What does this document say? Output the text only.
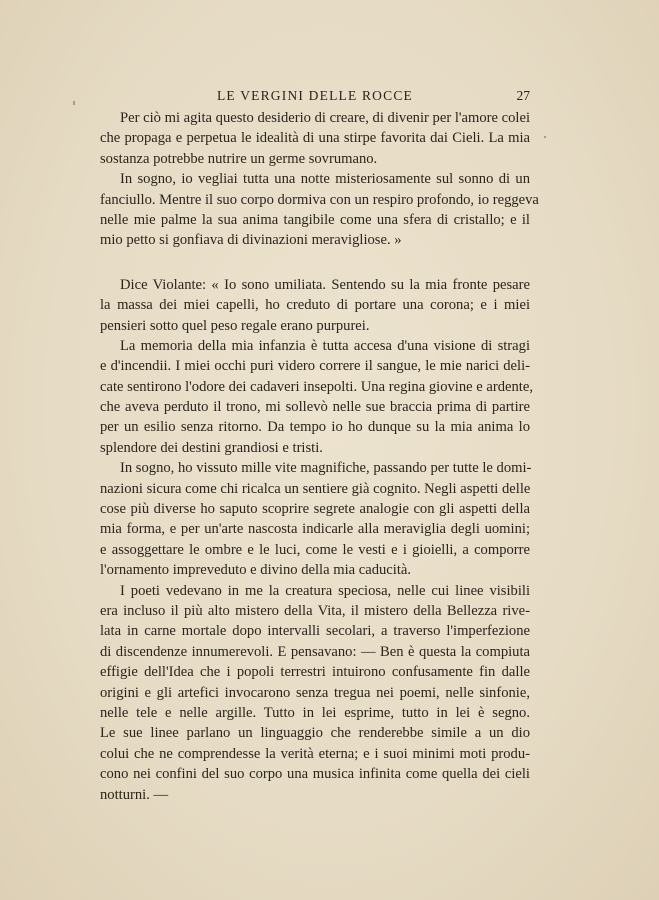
LE VERGINI DELLE ROCCE	27
Per ciò mi agita questo desiderio di creare, di divenir per l'amore colei
che propaga e perpetua le idealità di una stirpe favorita dai Cieli. La mia
sostanza potrebbe nutrire un germe sovrumano.
In sogno, io vegliai tutta una notte misteriosamente sul sonno di un
fanciullo. Mentre il suo corpo dormiva con un respiro profondo, io reggeva
nelle mie palme la sua anima tangibile come una sfera di cristallo; e il
mio petto si gonfiava di divinazioni meravigliose. »
Dice Violante: « Io sono umiliata. Sentendo su la mia fronte pesare
la massa dei miei capelli, ho creduto di portare una corona; e i miei
pensieri sotto quel peso regale erano purpurei.
La memoria della mia infanzia è tutta accesa d'una visione di stragi
e d'incendii. I miei occhi puri videro correre il sangue, le mie narici deli-
cate sentirono l'odore dei cadaveri insepolti. Una regina giovine e ardente,
che aveva perduto il trono, mi sollevò nelle sue braccia prima di partire
per un esilio senza ritorno. Da tempo io ho dunque su la mia anima lo
splendore dei destini grandiosi e tristi.
In sogno, ho vissuto mille vite magnifiche, passando per tutte le domi-
nazioni sicura come chi ricalca un sentiere già cognito. Negli aspetti delle
cose più diverse ho saputo scoprire segrete analogie con gli aspetti della
mia forma, e per un'arte nascosta indicarle alla meraviglia degli uomini;
e assoggettare le ombre e le luci, come le vesti e i gioielli, a comporre
l'ornamento impreveduto e divino della mia caducità.
I poeti vedevano in me la creatura speciosa, nelle cui linee visibili
era incluso il più alto mistero della Vita, il mistero della Bellezza rive-
lata in carne mortale dopo intervalli secolari, a traverso l'imperfezione
di discendenze innumerevoli. E pensavano: — Ben è questa la compiuta
effigie dell'Idea che i popoli terrestri intuirono confusamente fin dalle
origini e gli artefici invocarono senza tregua nei poemi, nelle sinfonie,
nelle tele e nelle argille. Tutto in lei esprime, tutto in lei è segno.
Le sue linee parlano un linguaggio che renderebbe simile a un dio
colui che ne comprendesse la verità eterna; e i suoi minimi moti produ-
cono nei confini del suo corpo una musica infinita come quella dei cieli
notturni. —
